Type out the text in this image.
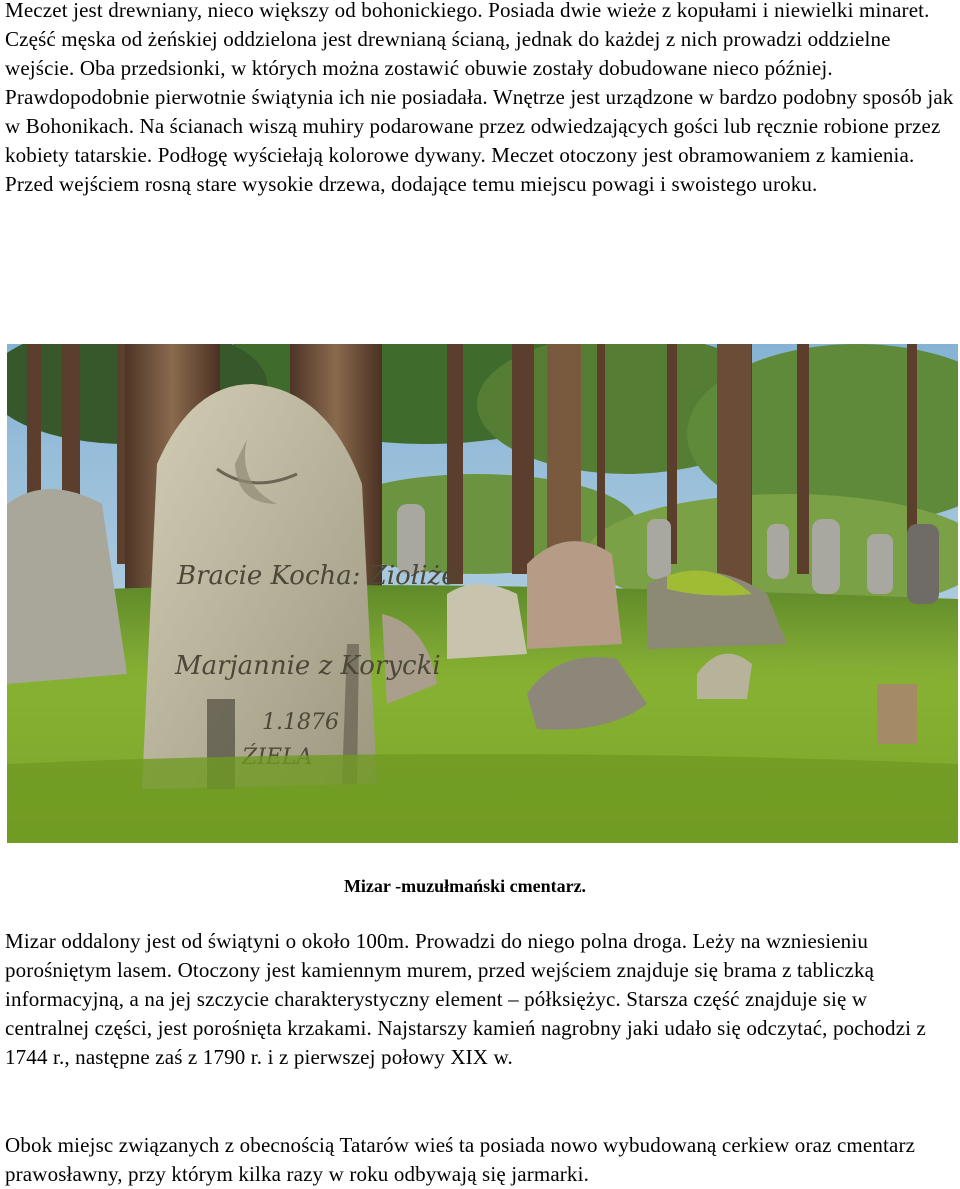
Meczet jest drewniany, nieco większy od bohonickiego. Posiada dwie wieże z kopułami i niewielki minaret. Część męska od żeńskiej oddzielona jest drewnianą ścianą, jednak do każdej z nich prowadzi oddzielne wejście. Oba przedsionki, w których można zostawić obuwie zostały dobudowane nieco później. Prawdopodobnie pierwotnie świątynia ich nie posiadała. Wnętrze jest urządzone w bardzo podobny sposób jak w Bohonikach. Na ścianach wiszą muhiry podarowane przez odwiedzających gości lub ręcznie robione przez kobiety tatarskie. Podłogę wyściełają kolorowe dywany. Meczet otoczony jest obramowaniem z kamienia. Przed wejściem rosną stare wysokie drzewa, dodające temu miejscu powagi i swoistego uroku.

Bracie Kocha: Ziołiże
Marjannie z Korycki
1.1876
Mizar -muzułmański cmentarz.

Mizar oddalony jest od świątyni o około 100m. Prowadzi do niego polna droga. Leży na wzniesieniu porośniętym lasem. Otoczony jest kamiennym murem, przed wejściem znajduje się brama z tabliczką informacyjną, a na jej szczycie charakterystyczny element – półksiężyc. Starsza część znajduje się w centralnej części, jest porośnięta krzakami. Najstarszy kamień nagrobny jaki udało się odczytać, pochodzi z 1744 r., następne zaś z 1790 r. i z pierwszej połowy XIX w.

Obok miejsc związanych z obecnością Tatarów wieś ta posiada nowo wybudowaną cerkiew oraz cmentarz prawosławny, przy którym kilka razy w roku odbywają się jarmarki.
